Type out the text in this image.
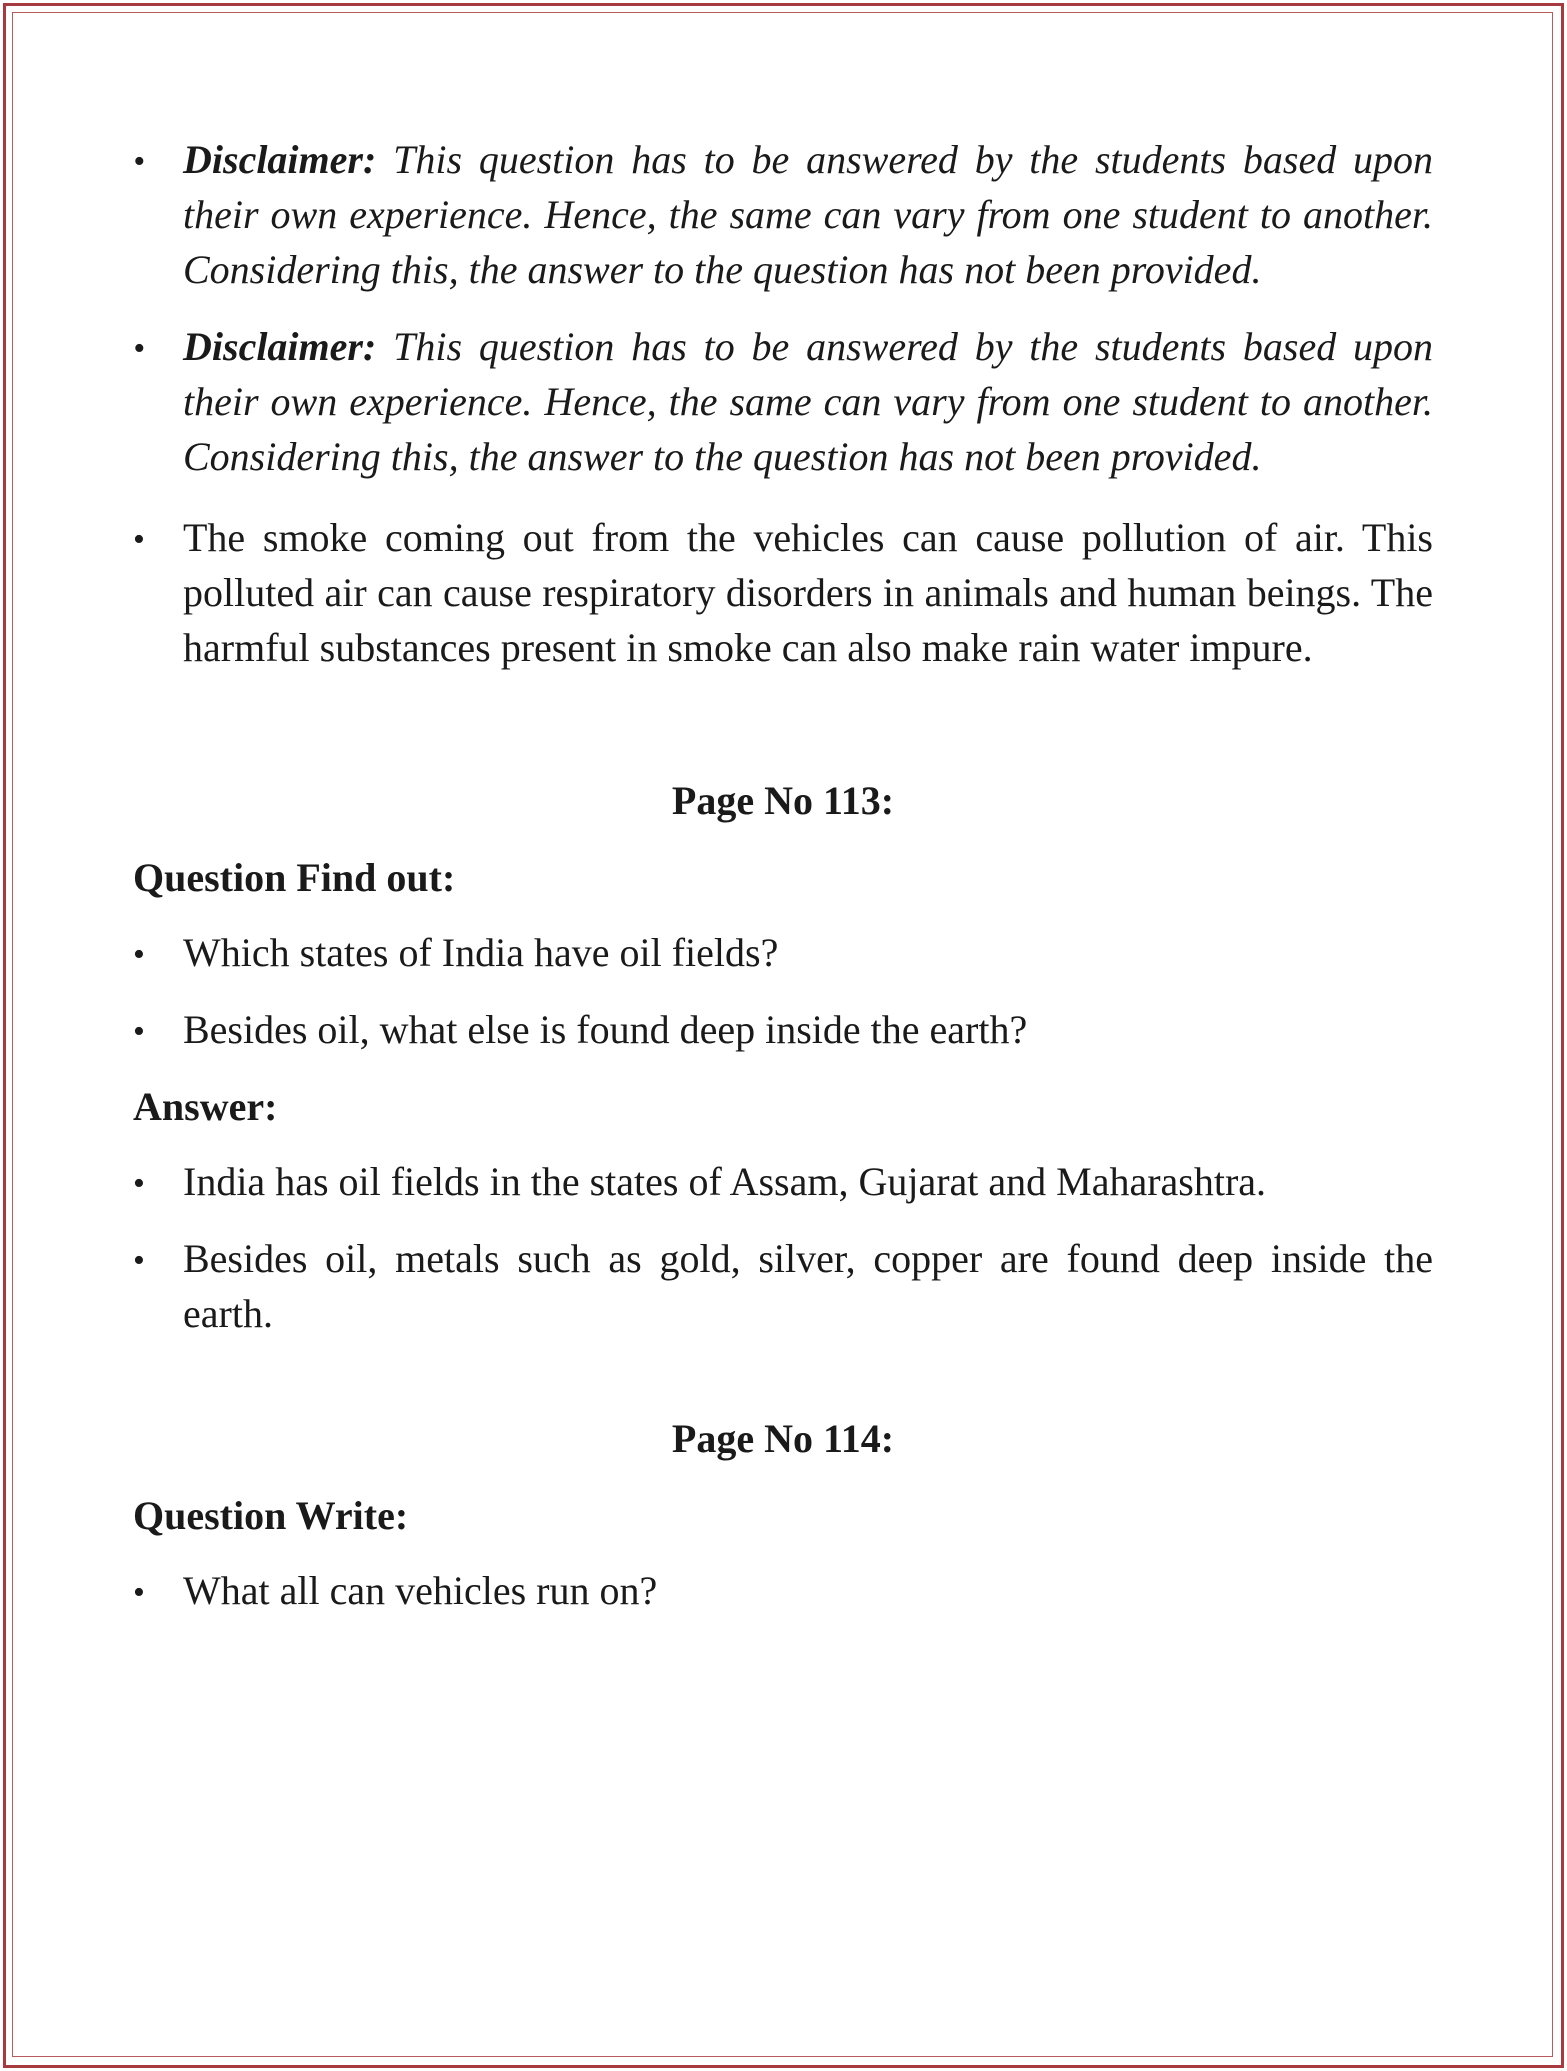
• Disclaimer: This question has to be answered by the students based upon their own experience. Hence, the same can vary from one student to another. Considering this, the answer to the question has not been provided.
• Disclaimer: This question has to be answered by the students based upon their own experience. Hence, the same can vary from one student to another. Considering this, the answer to the question has not been provided.
• The smoke coming out from the vehicles can cause pollution of air. This polluted air can cause respiratory disorders in animals and human beings. The harmful substances present in smoke can also make rain water impure.

Page No 113:

Question Find out:

• Which states of India have oil fields?
• Besides oil, what else is found deep inside the earth?

Answer:

• India has oil fields in the states of Assam, Gujarat and Maharashtra.
• Besides oil, metals such as gold, silver, copper are found deep inside the earth.

Page No 114:

Question Write:

• What all can vehicles run on?
